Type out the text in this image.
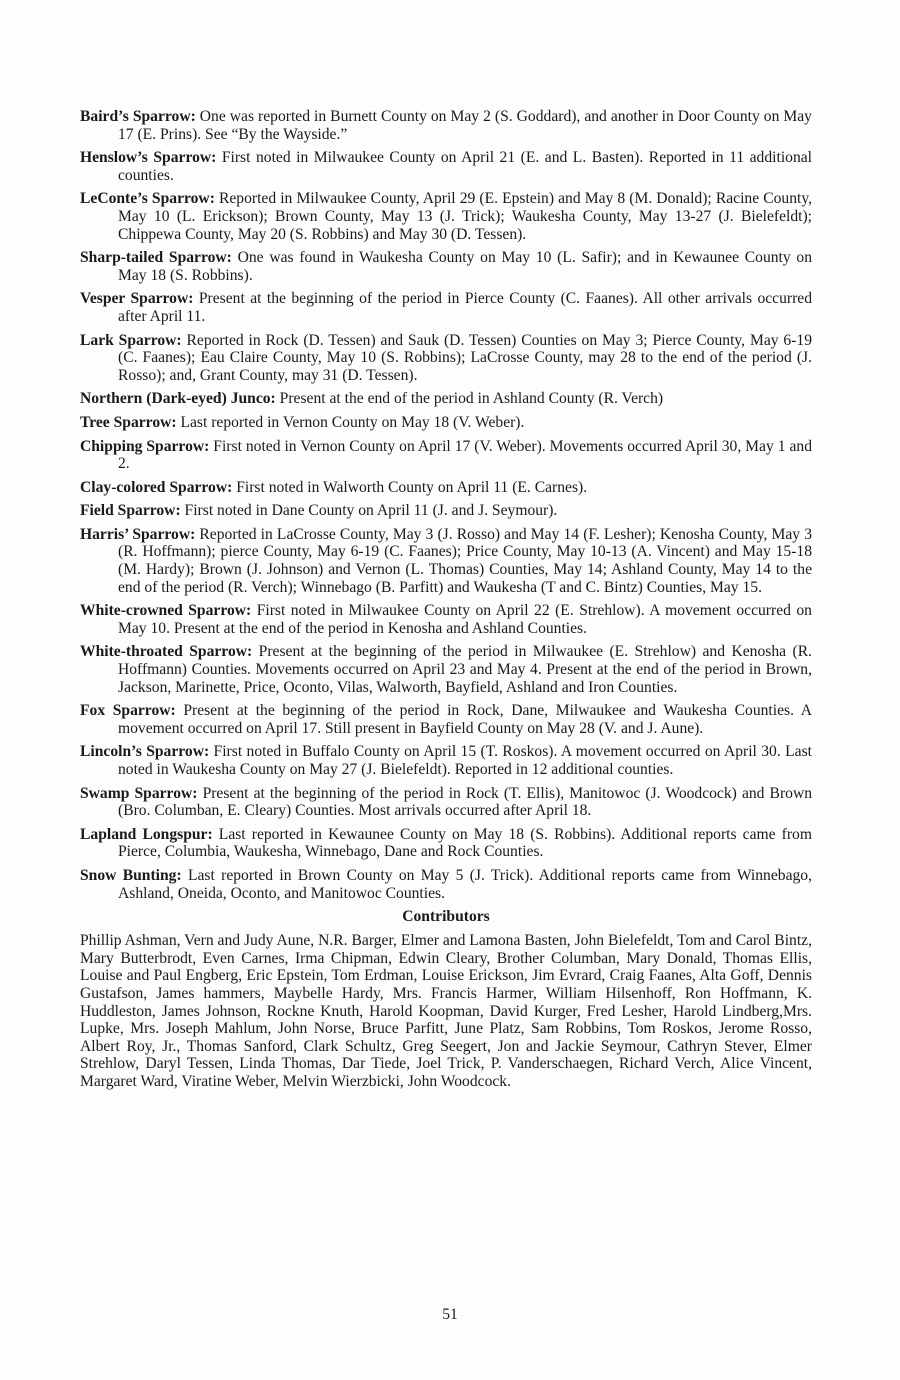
Baird’s Sparrow: One was reported in Burnett County on May 2 (S. Goddard), and another in Door County on May 17 (E. Prins). See “By the Wayside.”

Henslow’s Sparrow: First noted in Milwaukee County on April 21 (E. and L. Basten). Reported in 11 additional counties.

LeConte’s Sparrow: Reported in Milwaukee County, April 29 (E. Epstein) and May 8 (M. Donald); Racine County, May 10 (L. Erickson); Brown County, May 13 (J. Trick); Waukesha County, May 13-27 (J. Bielefeldt); Chippewa County, May 20 (S. Robbins) and May 30 (D. Tessen).

Sharp-tailed Sparrow: One was found in Waukesha County on May 10 (L. Safir); and in Kewaunee County on May 18 (S. Robbins).

Vesper Sparrow: Present at the beginning of the period in Pierce County (C. Faanes). All other arrivals occurred after April 11.

Lark Sparrow: Reported in Rock (D. Tessen) and Sauk (D. Tessen) Counties on May 3; Pierce County, May 6-19 (C. Faanes); Eau Claire County, May 10 (S. Robbins); LaCrosse County, may 28 to the end of the period (J. Rosso); and, Grant County, may 31 (D. Tessen).

Northern (Dark-eyed) Junco: Present at the end of the period in Ashland County (R. Verch)

Tree Sparrow: Last reported in Vernon County on May 18 (V. Weber).

Chipping Sparrow: First noted in Vernon County on April 17 (V. Weber). Movements occurred April 30, May 1 and 2.

Clay-colored Sparrow: First noted in Walworth County on April 11 (E. Carnes).

Field Sparrow: First noted in Dane County on April 11 (J. and J. Seymour).

Harris’ Sparrow: Reported in LaCrosse County, May 3 (J. Rosso) and May 14 (F. Lesher); Kenosha County, May 3 (R. Hoffmann); pierce County, May 6-19 (C. Faanes); Price County, May 10-13 (A. Vincent) and May 15-18 (M. Hardy); Brown (J. Johnson) and Vernon (L. Thomas) Counties, May 14; Ashland County, May 14 to the end of the period (R. Verch); Winnebago (B. Parfitt) and Waukesha (T and C. Bintz) Counties, May 15.

White-crowned Sparrow: First noted in Milwaukee County on April 22 (E. Strehlow). A movement occurred on May 10. Present at the end of the period in Kenosha and Ashland Counties.

White-throated Sparrow: Present at the beginning of the period in Milwaukee (E. Strehlow) and Kenosha (R. Hoffmann) Counties. Movements occurred on April 23 and May 4. Present at the end of the period in Brown, Jackson, Marinette, Price, Oconto, Vilas, Walworth, Bayfield, Ashland and Iron Counties.

Fox Sparrow: Present at the beginning of the period in Rock, Dane, Milwaukee and Waukesha Counties. A movement occurred on April 17. Still present in Bayfield County on May 28 (V. and J. Aune).

Lincoln’s Sparrow: First noted in Buffalo County on April 15 (T. Roskos). A movement occurred on April 30. Last noted in Waukesha County on May 27 (J. Bielefeldt). Reported in 12 additional counties.

Swamp Sparrow: Present at the beginning of the period in Rock (T. Ellis), Manitowoc (J. Woodcock) and Brown (Bro. Columban, E. Cleary) Counties. Most arrivals occurred after April 18.

Lapland Longspur: Last reported in Kewaunee County on May 18 (S. Robbins). Additional reports came from Pierce, Columbia, Waukesha, Winnebago, Dane and Rock Counties.

Snow Bunting: Last reported in Brown County on May 5 (J. Trick). Additional reports came from Winnebago, Ashland, Oneida, Oconto, and Manitowoc Counties.

Contributors

Phillip Ashman, Vern and Judy Aune, N.R. Barger, Elmer and Lamona Basten, John Bielefeldt, Tom and Carol Bintz, Mary Butterbrodt, Even Carnes, Irma Chipman, Edwin Cleary, Brother Columban, Mary Donald, Thomas Ellis, Louise and Paul Engberg, Eric Epstein, Tom Erdman, Louise Erickson, Jim Evrard, Craig Faanes, Alta Goff, Dennis Gustafson, James hammers, Maybelle Hardy, Mrs. Francis Harmer, William Hilsenhoff, Ron Hoffmann, K. Huddleston, James Johnson, Rockne Knuth, Harold Koopman, David Kurger, Fred Lesher, Harold Lindberg,Mrs. Lupke, Mrs. Joseph Mahlum, John Norse, Bruce Parfitt, June Platz, Sam Robbins, Tom Roskos, Jerome Rosso, Albert Roy, Jr., Thomas Sanford, Clark Schultz, Greg Seegert, Jon and Jackie Seymour, Cathryn Stever, Elmer Strehlow, Daryl Tessen, Linda Thomas, Dar Tiede, Joel Trick, P. Vanderschaegen, Richard Verch, Alice Vincent, Margaret Ward, Viratine Weber, Melvin Wierzbicki, John Woodcock.

51
